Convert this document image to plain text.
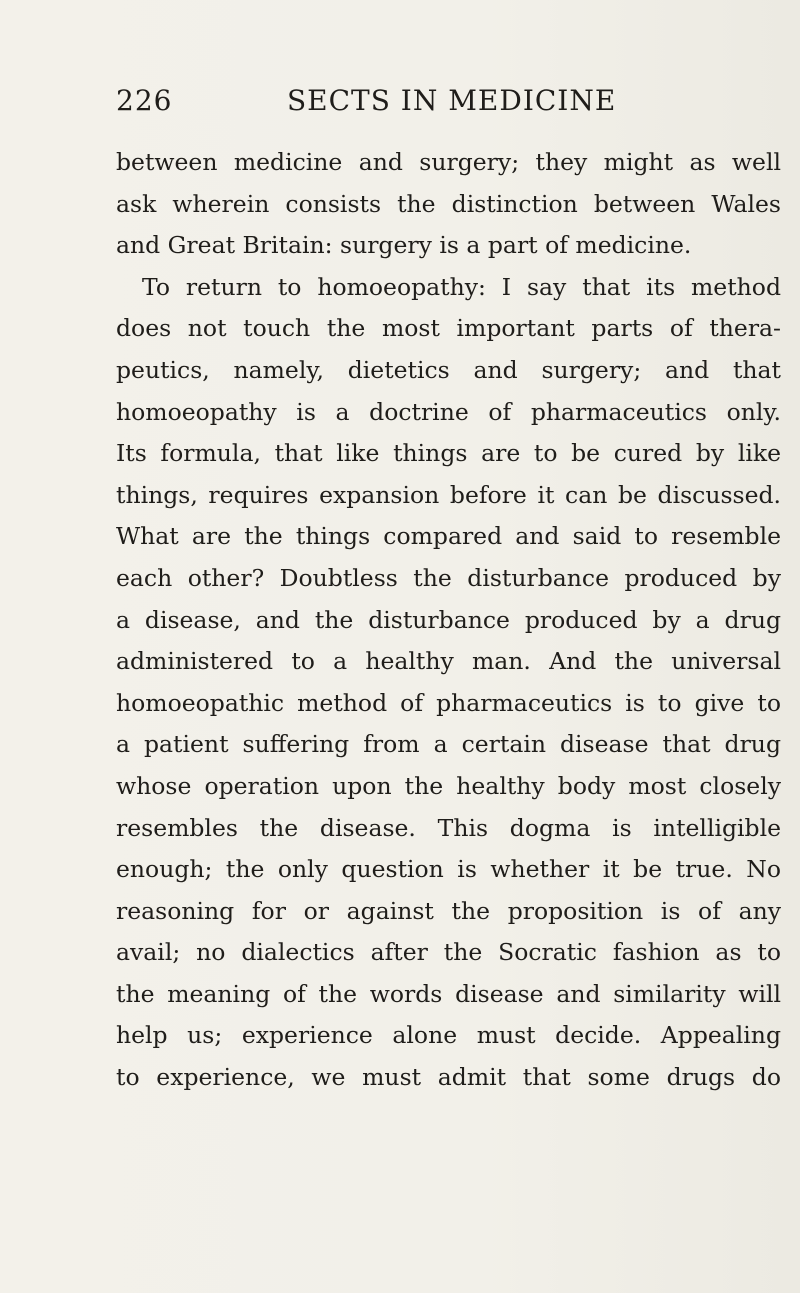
226	SECTS IN MEDICINE
between medicine and surgery; they might as well
ask wherein consists the distinction between Wales
and Great Britain: surgery is a part of medicine.
To return to homoeopathy: I say that its method
does not touch the most important parts of thera-
peutics, namely, dietetics and surgery; and that
homoeopathy is a doctrine of pharmaceutics only.
Its formula, that like things are to be cured by like
things, requires expansion before it can be discussed.
What are the things compared and said to resemble
each other? Doubtless the disturbance produced by
a disease, and the disturbance produced by a drug
administered to a healthy man. And the universal
homoeopathic method of pharmaceutics is to give to
a patient suffering from a certain disease that drug
whose operation upon the healthy body most closely
resembles the disease. This dogma is intelligible
enough; the only question is whether it be true. No
reasoning for or against the proposition is of any
avail; no dialectics after the Socratic fashion as to
the meaning of the words disease and similarity will
help us; experience alone must decide. Appealing
to experience, we must admit that some drugs do
